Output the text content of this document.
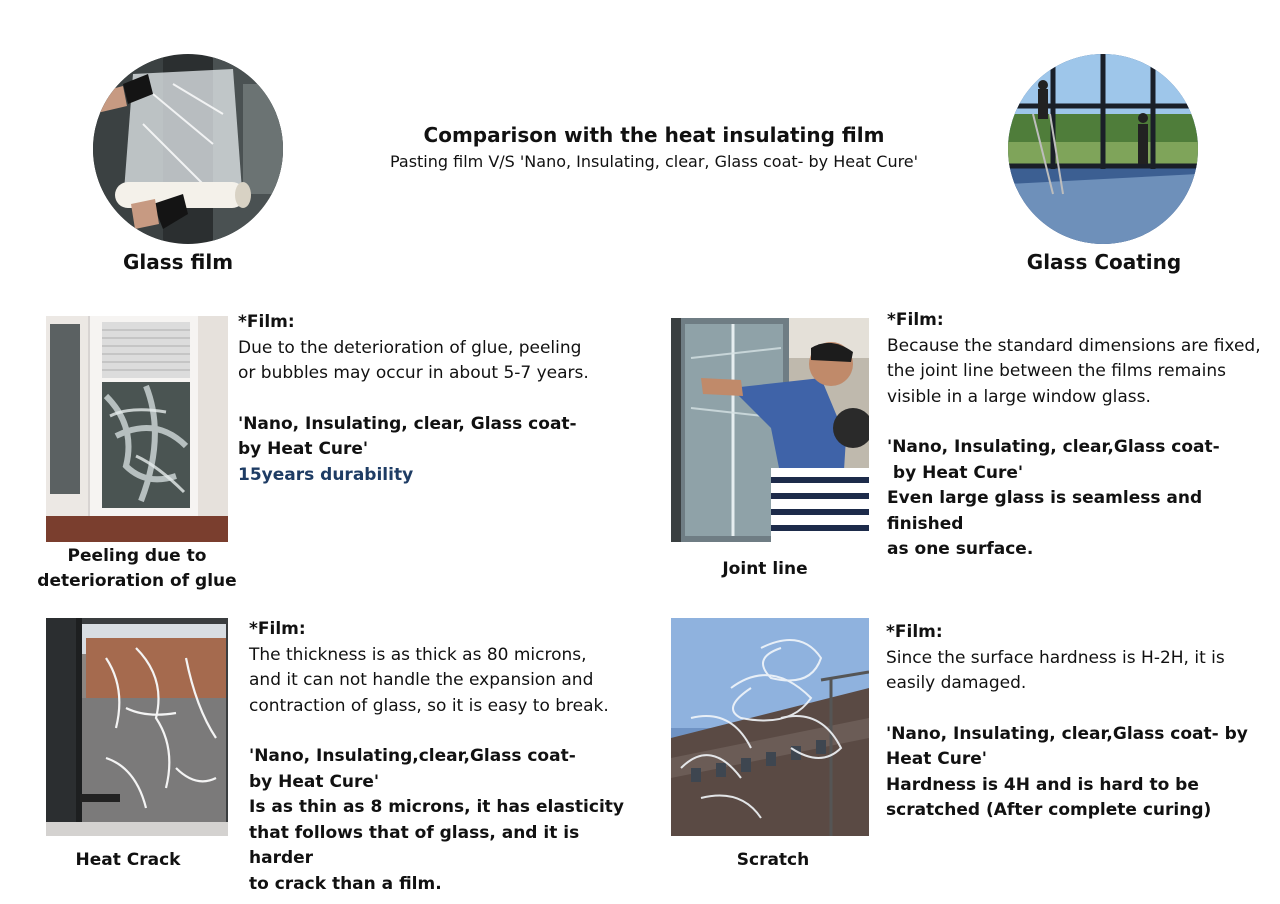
Comparison with the heat insulating film
Pasting film V/S 'Nano, Insulating, clear, Glass coat- by Heat Cure'
Glass film	Glass Coating
Peeling due to
deterioration of glue

*Film:

Due to the deterioration of glue, peeling

or bubbles may occur in about 5-7 years.

'Nano, Insulating, clear, Glass coat-

by Heat Cure'

15years durability

Joint line

*Film:

Because the standard dimensions are fixed,

the joint line between the films remains

visible in a large window glass.

'Nano, Insulating, clear,Glass coat-

by Heat Cure'

Even large glass is seamless and finished

as one surface.

Heat Crack

*Film:

The thickness is as thick as 80 microns,

and it can not handle the expansion and

contraction of glass, so it is easy to break.

'Nano, Insulating,clear,Glass coat-

by Heat Cure'

Is as thin as 8 microns, it has elasticity

that follows that of glass, and it is harder

to crack than a film.

Scratch

*Film:

Since the surface hardness is H-2H, it is

easily damaged.

'Nano, Insulating, clear,Glass coat- by

Heat Cure'

Hardness is 4H and is hard to be

scratched (After complete curing)
